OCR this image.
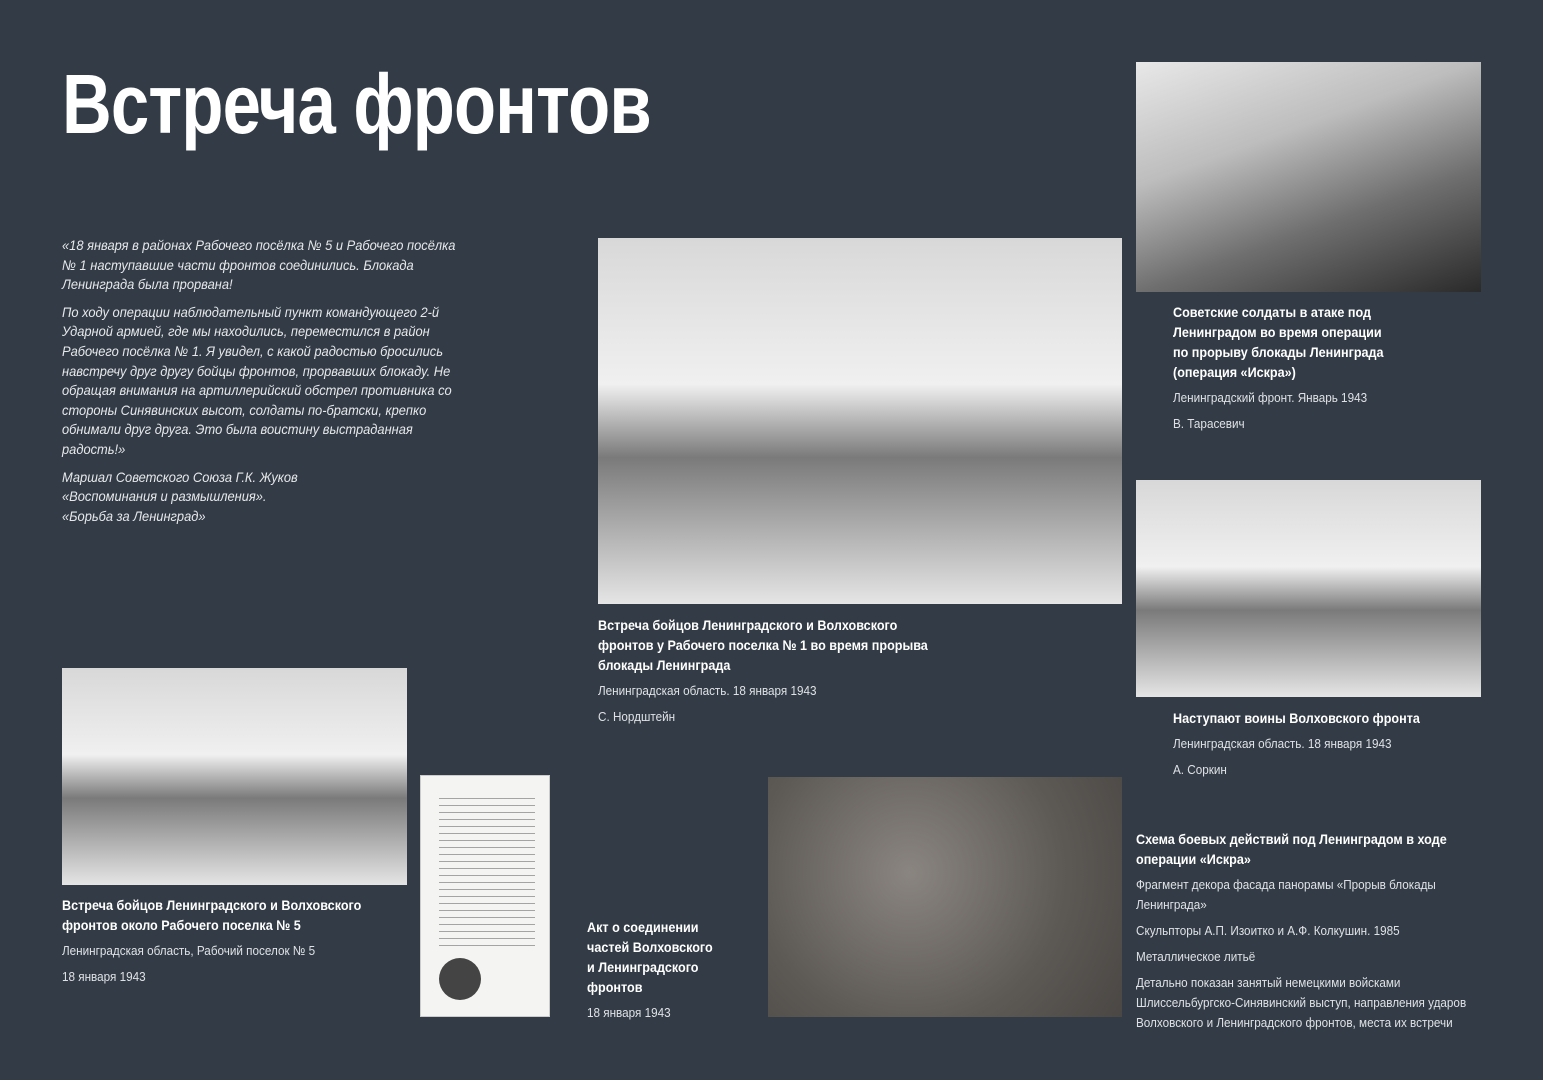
Встреча фронтов

«18 января в районах Рабочего посёлка № 5 и Рабочего посёлка № 1 наступавшие части фронтов соединились. Блокада Ленинграда была прорвана!

По ходу операции наблюдательный пункт командующего 2-й Ударной армией, где мы находились, переместился в район Рабочего посёлка № 1. Я увидел, с какой радостью бросились навстречу друг другу бойцы фронтов, прорвавших блокаду. Не обращая внимания на артиллерийский обстрел противника со стороны Синявинских высот, солдаты по-братски, крепко обнимали друг друга. Это была воистину выстраданная радость!»

Маршал Советского Союза Г.К. Жуков
«Воспоминания и размышления».
«Борьба за Ленинград»

Встреча бойцов Ленинградского и Волховского фронтов у Рабочего поселка № 1 во время прорыва блокады Ленинграда
Ленинградская область. 18 января 1943
С. Нордштейн
Советские солдаты в атаке под Ленинградом во время операции по прорыву блокады Ленинграда (операция «Искра»)
Ленинградский фронт. Январь 1943
В. Тарасевич
Наступают воины Волховского фронта
Ленинградская область. 18 января 1943
А. Соркин
Встреча бойцов Ленинградского и Волховского фронтов около Рабочего поселка № 5
Ленинградская область, Рабочий поселок № 5
18 января 1943
Акт о соединении частей Волховского и Ленинградского фронтов
18 января 1943
Схема боевых действий под Ленинградом в ходе операции «Искра»
Фрагмент декора фасада панорамы «Прорыв блокады Ленинграда»
Скульпторы А.П. Изоитко и А.Ф. Колкушин. 1985
Металлическое литьё
Детально показан занятый немецкими войсками Шлиссельбургско-Синявинский выступ, направления ударов Волховского и Ленинградского фронтов, места их встречи
